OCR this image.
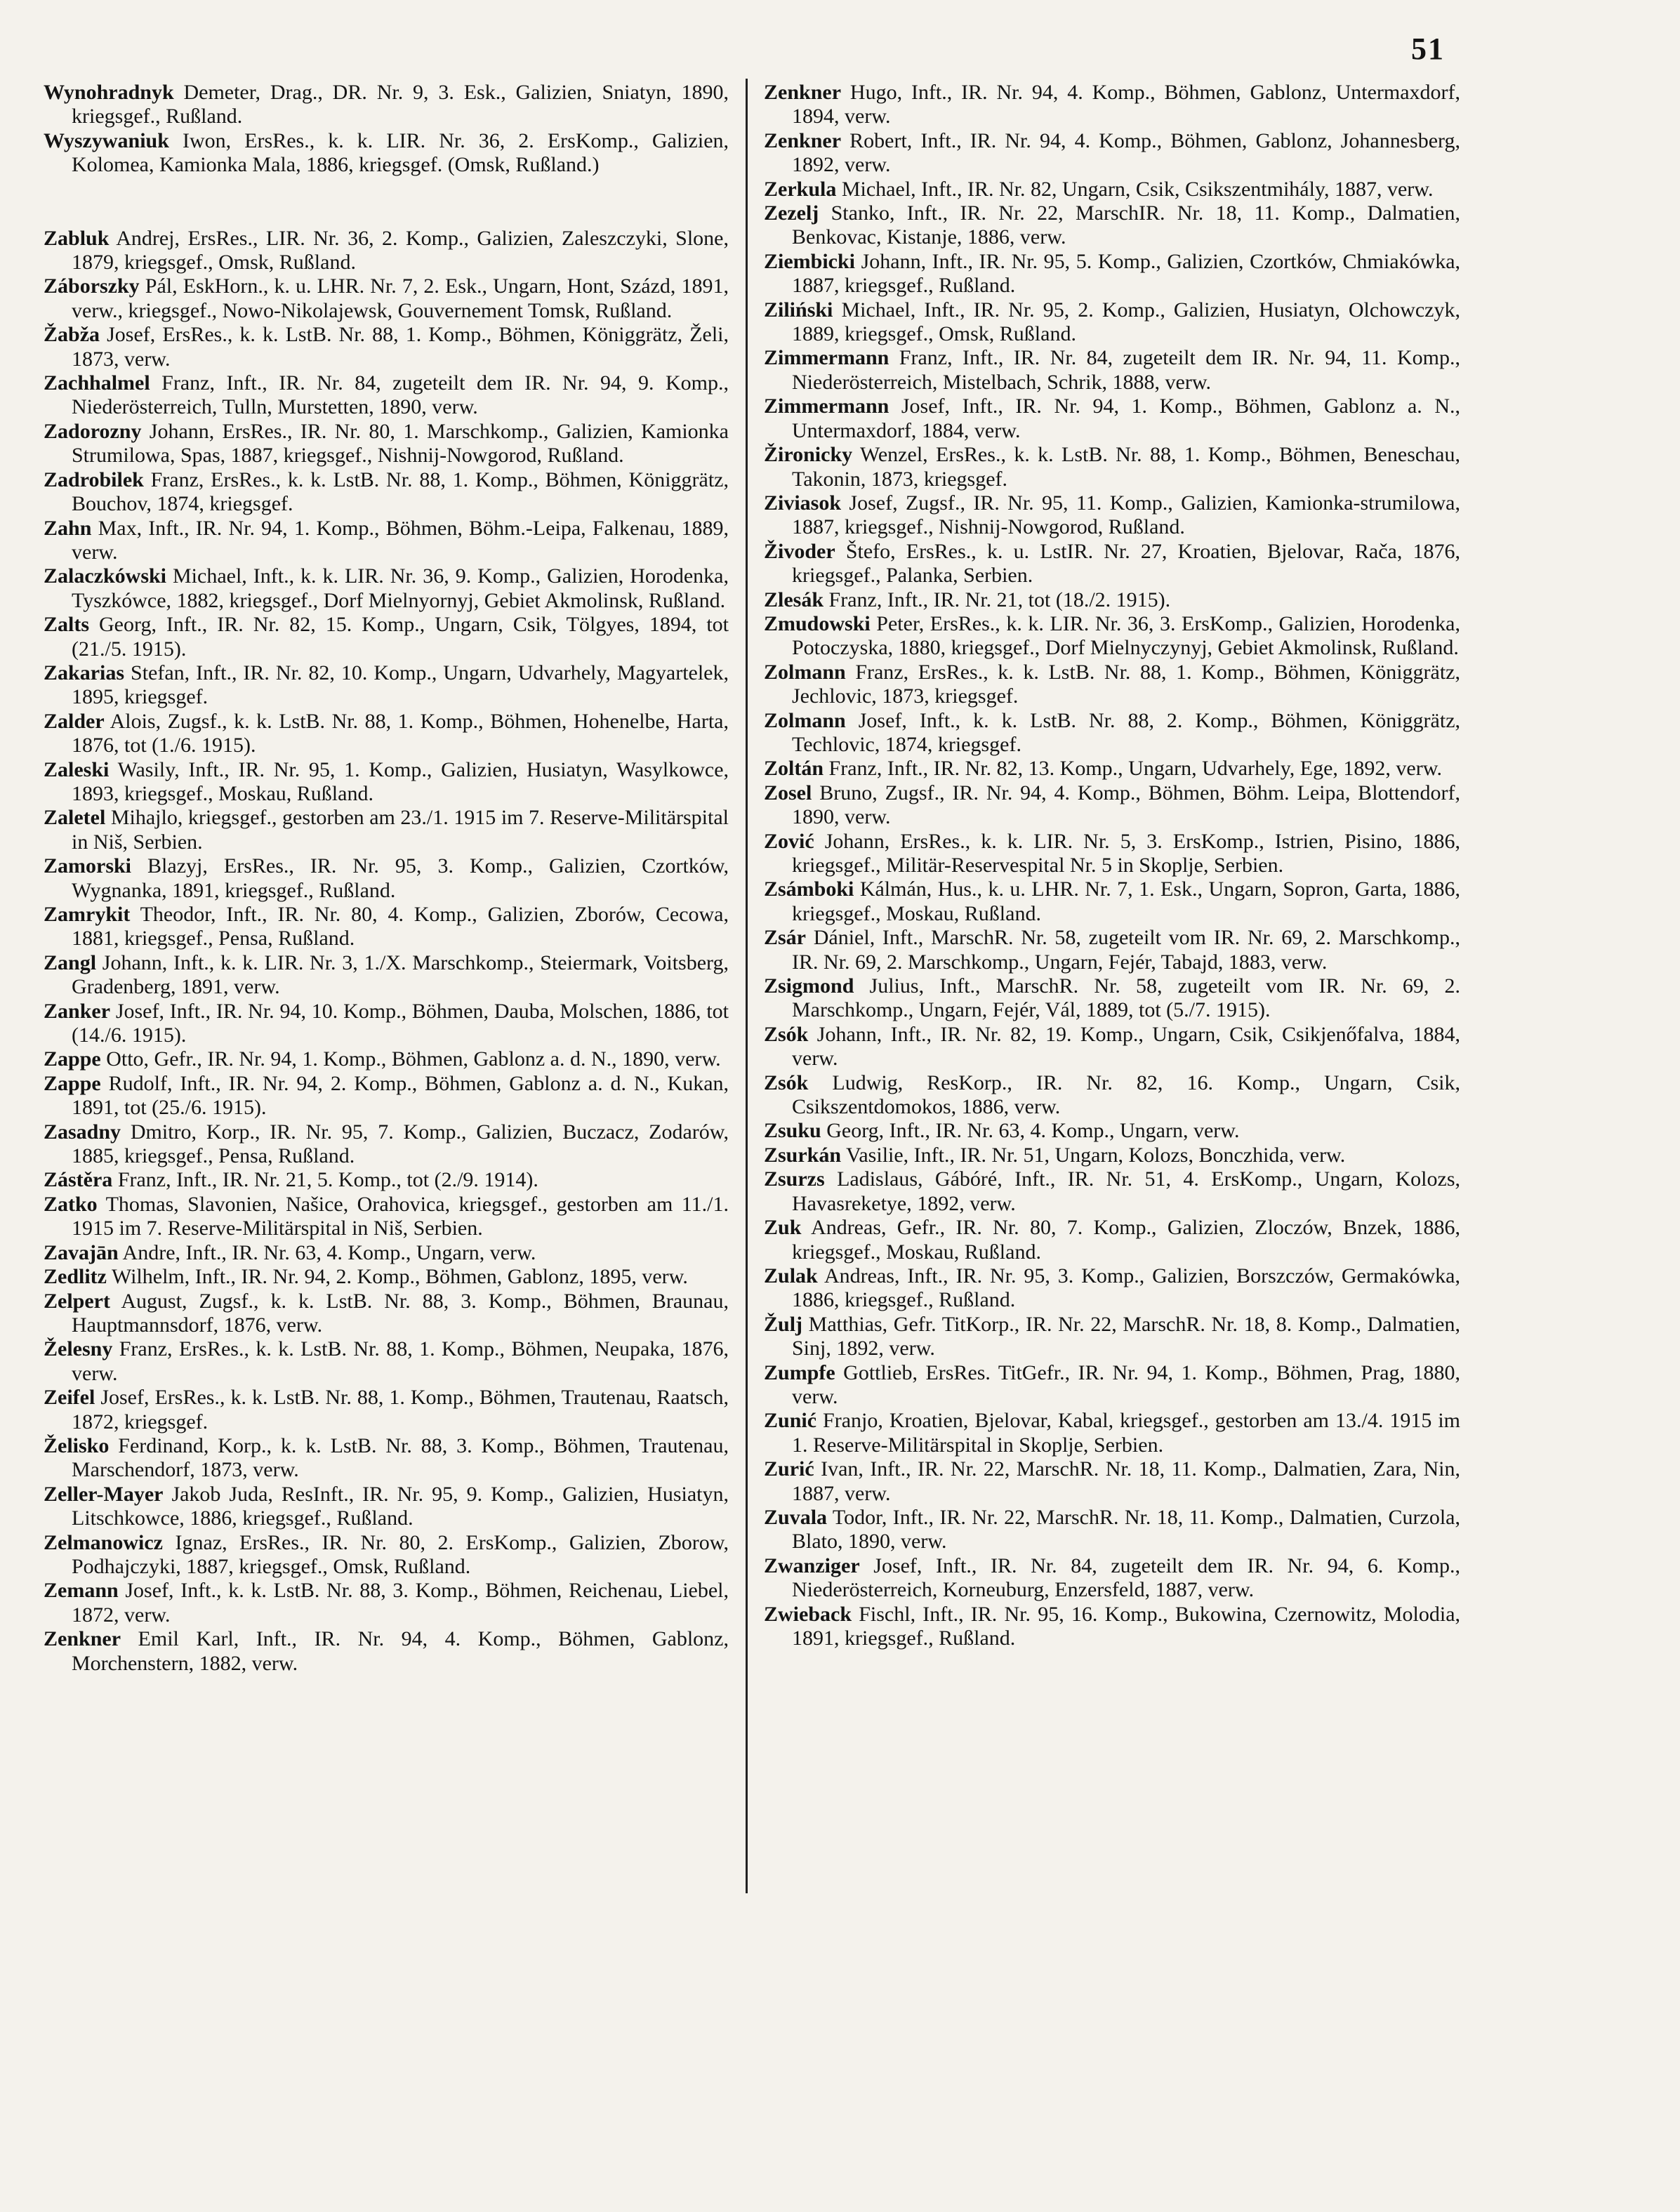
51

Wynohradnyk Demeter, Drag., DR. Nr. 9, 3. Esk., Galizien, Sniatyn, 1890, kriegsgef., Rußland.

Wyszywaniuk Iwon, ErsRes., k. k. LIR. Nr. 36, 2. ErsKomp., Galizien, Kolomea, Kamionka Mala, 1886, kriegsgef. (Omsk, Rußland.)

Zabluk Andrej, ErsRes., LIR. Nr. 36, 2. Komp., Galizien, Zaleszczyki, Slone, 1879, kriegsgef., Omsk, Rußland.

Záborszky Pál, EskHorn., k. u. LHR. Nr. 7, 2. Esk., Ungarn, Hont, Százd, 1891, verw., kriegsgef., Nowo-Nikolajewsk, Gouvernement Tomsk, Rußland.

Žabža Josef, ErsRes., k. k. LstB. Nr. 88, 1. Komp., Böhmen, Königgrätz, Želi, 1873, verw.

Zachhalmel Franz, Inft., IR. Nr. 84, zugeteilt dem IR. Nr. 94, 9. Komp., Niederösterreich, Tulln, Murstetten, 1890, verw.

Zadorozny Johann, ErsRes., IR. Nr. 80, 1. Marschkomp., Galizien, Kamionka Strumilowa, Spas, 1887, kriegsgef., Nishnij-Nowgorod, Rußland.

Zadrobilek Franz, ErsRes., k. k. LstB. Nr. 88, 1. Komp., Böhmen, Königgrätz, Bouchov, 1874, kriegsgef.

Zahn Max, Inft., IR. Nr. 94, 1. Komp., Böhmen, Böhm.-Leipa, Falkenau, 1889, verw.

Zalaczkówski Michael, Inft., k. k. LIR. Nr. 36, 9. Komp., Galizien, Horodenka, Tyszkówce, 1882, kriegsgef., Dorf Mielnyornyj, Gebiet Akmolinsk, Rußland.

Zalts Georg, Inft., IR. Nr. 82, 15. Komp., Ungarn, Csik, Tölgyes, 1894, tot (21./5. 1915).

Zakarias Stefan, Inft., IR. Nr. 82, 10. Komp., Ungarn, Udvarhely, Magyartelek, 1895, kriegsgef.

Zalder Alois, Zugsf., k. k. LstB. Nr. 88, 1. Komp., Böhmen, Hohenelbe, Harta, 1876, tot (1./6. 1915).

Zaleski Wasily, Inft., IR. Nr. 95, 1. Komp., Galizien, Husiatyn, Wasylkowce, 1893, kriegsgef., Moskau, Rußland.

Zaletel Mihajlo, kriegsgef., gestorben am 23./1. 1915 im 7. Reserve-Militärspital in Niš, Serbien.

Zamorski Blazyj, ErsRes., IR. Nr. 95, 3. Komp., Galizien, Czortków, Wygnanka, 1891, kriegsgef., Rußland.

Zamrykit Theodor, Inft., IR. Nr. 80, 4. Komp., Galizien, Zborów, Cecowa, 1881, kriegsgef., Pensa, Rußland.

Zangl Johann, Inft., k. k. LIR. Nr. 3, 1./X. Marschkomp., Steiermark, Voitsberg, Gradenberg, 1891, verw.

Zanker Josef, Inft., IR. Nr. 94, 10. Komp., Böhmen, Dauba, Molschen, 1886, tot (14./6. 1915).

Zappe Otto, Gefr., IR. Nr. 94, 1. Komp., Böhmen, Gablonz a. d. N., 1890, verw.

Zappe Rudolf, Inft., IR. Nr. 94, 2. Komp., Böhmen, Gablonz a. d. N., Kukan, 1891, tot (25./6. 1915).

Zasadny Dmitro, Korp., IR. Nr. 95, 7. Komp., Galizien, Buczacz, Zodarów, 1885, kriegsgef., Pensa, Rußland.

Zástěra Franz, Inft., IR. Nr. 21, 5. Komp., tot (2./9. 1914).

Zatko Thomas, Slavonien, Našice, Orahovica, kriegsgef., gestorben am 11./1. 1915 im 7. Reserve-Militärspital in Niš, Serbien.

Zavajān Andre, Inft., IR. Nr. 63, 4. Komp., Ungarn, verw.

Zedlitz Wilhelm, Inft., IR. Nr. 94, 2. Komp., Böhmen, Gablonz, 1895, verw.

Zelpert August, Zugsf., k. k. LstB. Nr. 88, 3. Komp., Böhmen, Braunau, Hauptmannsdorf, 1876, verw.

Želesny Franz, ErsRes., k. k. LstB. Nr. 88, 1. Komp., Böhmen, Neupaka, 1876, verw.

Zeifel Josef, ErsRes., k. k. LstB. Nr. 88, 1. Komp., Böhmen, Trautenau, Raatsch, 1872, kriegsgef.

Želisko Ferdinand, Korp., k. k. LstB. Nr. 88, 3. Komp., Böhmen, Trautenau, Marschendorf, 1873, verw.

Zeller-Mayer Jakob Juda, ResInft., IR. Nr. 95, 9. Komp., Galizien, Husiatyn, Litschkowce, 1886, kriegsgef., Rußland.

Zelmanowicz Ignaz, ErsRes., IR. Nr. 80, 2. ErsKomp., Galizien, Zborow, Podhajczyki, 1887, kriegsgef., Omsk, Rußland.

Zemann Josef, Inft., k. k. LstB. Nr. 88, 3. Komp., Böhmen, Reichenau, Liebel, 1872, verw.

Zenkner Emil Karl, Inft., IR. Nr. 94, 4. Komp., Böhmen, Gablonz, Morchenstern, 1882, verw.

Zenkner Hugo, Inft., IR. Nr. 94, 4. Komp., Böhmen, Gablonz, Untermaxdorf, 1894, verw.

Zenkner Robert, Inft., IR. Nr. 94, 4. Komp., Böhmen, Gablonz, Johannesberg, 1892, verw.

Zerkula Michael, Inft., IR. Nr. 82, Ungarn, Csik, Csikszentmihály, 1887, verw.

Zezelj Stanko, Inft., IR. Nr. 22, MarschIR. Nr. 18, 11. Komp., Dalmatien, Benkovac, Kistanje, 1886, verw.

Ziembicki Johann, Inft., IR. Nr. 95, 5. Komp., Galizien, Czortków, Chmiakówka, 1887, kriegsgef., Rußland.

Ziliński Michael, Inft., IR. Nr. 95, 2. Komp., Galizien, Husiatyn, Olchowczyk, 1889, kriegsgef., Omsk, Rußland.

Zimmermann Franz, Inft., IR. Nr. 84, zugeteilt dem IR. Nr. 94, 11. Komp., Niederösterreich, Mistelbach, Schrik, 1888, verw.

Zimmermann Josef, Inft., IR. Nr. 94, 1. Komp., Böhmen, Gablonz a. N., Untermaxdorf, 1884, verw.

Žironicky Wenzel, ErsRes., k. k. LstB. Nr. 88, 1. Komp., Böhmen, Beneschau, Takonin, 1873, kriegsgef.

Ziviasok Josef, Zugsf., IR. Nr. 95, 11. Komp., Galizien, Kamionka-strumilowa, 1887, kriegsgef., Nishnij-Nowgorod, Rußland.

Živoder Štefo, ErsRes., k. u. LstIR. Nr. 27, Kroatien, Bjelovar, Rača, 1876, kriegsgef., Palanka, Serbien.

Zlesák Franz, Inft., IR. Nr. 21, tot (18./2. 1915).

Zmudowski Peter, ErsRes., k. k. LIR. Nr. 36, 3. ErsKomp., Galizien, Horodenka, Potoczyska, 1880, kriegsgef., Dorf Mielnyczynyj, Gebiet Akmolinsk, Rußland.

Zolmann Franz, ErsRes., k. k. LstB. Nr. 88, 1. Komp., Böhmen, Königgrätz, Jechlovic, 1873, kriegsgef.

Zolmann Josef, Inft., k. k. LstB. Nr. 88, 2. Komp., Böhmen, Königgrätz, Techlovic, 1874, kriegsgef.

Zoltán Franz, Inft., IR. Nr. 82, 13. Komp., Ungarn, Udvarhely, Ege, 1892, verw.

Zosel Bruno, Zugsf., IR. Nr. 94, 4. Komp., Böhmen, Böhm. Leipa, Blottendorf, 1890, verw.

Zović Johann, ErsRes., k. k. LIR. Nr. 5, 3. ErsKomp., Istrien, Pisino, 1886, kriegsgef., Militär-Reservespital Nr. 5 in Skoplje, Serbien.

Zsámboki Kálmán, Hus., k. u. LHR. Nr. 7, 1. Esk., Ungarn, Sopron, Garta, 1886, kriegsgef., Moskau, Rußland.

Zsár Dániel, Inft., MarschR. Nr. 58, zugeteilt vom IR. Nr. 69, 2. Marschkomp., IR. Nr. 69, 2. Marschkomp., Ungarn, Fejér, Tabajd, 1883, verw.

Zsigmond Julius, Inft., MarschR. Nr. 58, zugeteilt vom IR. Nr. 69, 2. Marschkomp., Ungarn, Fejér, Vál, 1889, tot (5./7. 1915).

Zsók Johann, Inft., IR. Nr. 82, 19. Komp., Ungarn, Csik, Csikjenőfalva, 1884, verw.

Zsók Ludwig, ResKorp., IR. Nr. 82, 16. Komp., Ungarn, Csik, Csikszentdomokos, 1886, verw.

Zsuku Georg, Inft., IR. Nr. 63, 4. Komp., Ungarn, verw.

Zsurkán Vasilie, Inft., IR. Nr. 51, Ungarn, Kolozs, Bonczhida, verw.

Zsurzs Ladislaus, Gábóré, Inft., IR. Nr. 51, 4. ErsKomp., Ungarn, Kolozs, Havasreketye, 1892, verw.

Zuk Andreas, Gefr., IR. Nr. 80, 7. Komp., Galizien, Zloczów, Bnzek, 1886, kriegsgef., Moskau, Rußland.

Zulak Andreas, Inft., IR. Nr. 95, 3. Komp., Galizien, Borszczów, Germakówka, 1886, kriegsgef., Rußland.

Žulj Matthias, Gefr. TitKorp., IR. Nr. 22, MarschR. Nr. 18, 8. Komp., Dalmatien, Sinj, 1892, verw.

Zumpfe Gottlieb, ErsRes. TitGefr., IR. Nr. 94, 1. Komp., Böhmen, Prag, 1880, verw.

Zunić Franjo, Kroatien, Bjelovar, Kabal, kriegsgef., gestorben am 13./4. 1915 im 1. Reserve-Militärspital in Skoplje, Serbien.

Zurić Ivan, Inft., IR. Nr. 22, MarschR. Nr. 18, 11. Komp., Dalmatien, Zara, Nin, 1887, verw.

Zuvala Todor, Inft., IR. Nr. 22, MarschR. Nr. 18, 11. Komp., Dalmatien, Curzola, Blato, 1890, verw.

Zwanziger Josef, Inft., IR. Nr. 84, zugeteilt dem IR. Nr. 94, 6. Komp., Niederösterreich, Korneuburg, Enzersfeld, 1887, verw.

Zwieback Fischl, Inft., IR. Nr. 95, 16. Komp., Bukowina, Czernowitz, Molodia, 1891, kriegsgef., Rußland.
